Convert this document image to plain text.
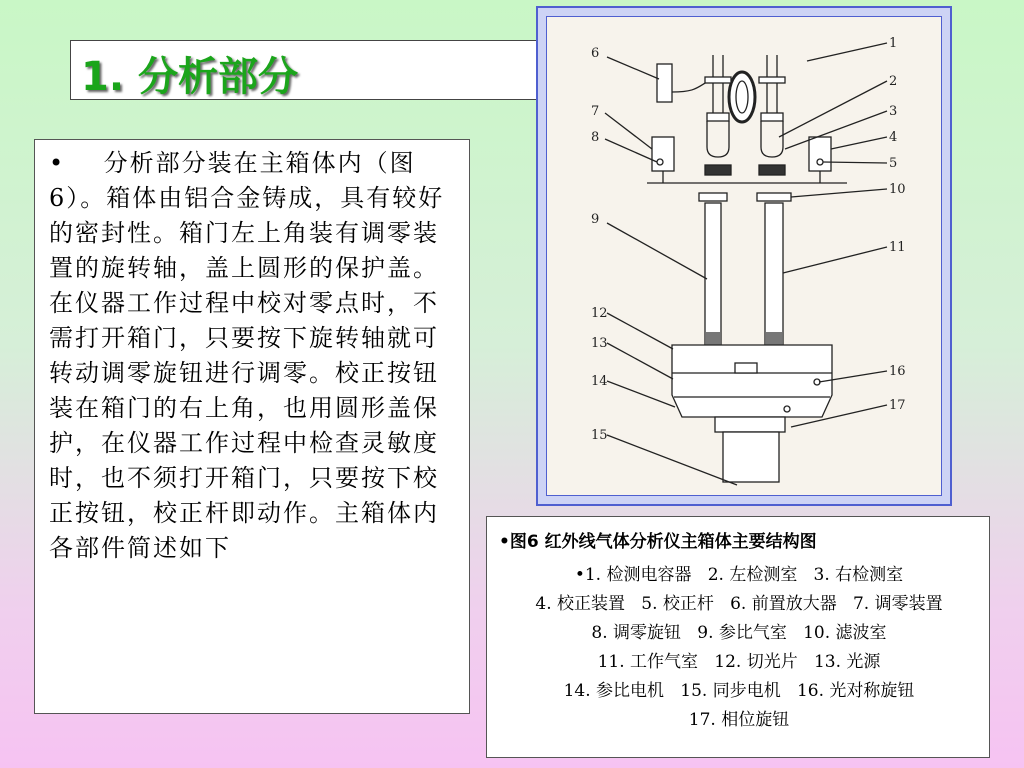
1. 分析部分
•    分析部分装在主箱体内（图6）。箱体由铝合金铸成，具有较好的密封性。箱门左上角装有调零装置的旋转轴，盖上圆形的保护盖。在仪器工作过程中校对零点时，不需打开箱门，只要按下旋转轴就可转动调零旋钮进行调零。校正按钮装在箱门的右上角，也用圆形盖保护，在仪器工作过程中检查灵敏度时，也不须打开箱门，只要按下校正按钮，校正杆即动作。主箱体内各部件简述如下
1
2
3
4
5
6
7
8
9
10
11
12
13
14
15
16
17
•图6 红外线气体分析仪主箱体主要结构图
•1. 检测电容器 2. 左检测室 3. 右检测室
4. 校正装置 5. 校正杆 6. 前置放大器 7. 调零装置
8. 调零旋钮 9. 参比气室 10. 滤波室
11. 工作气室 12. 切光片 13. 光源
14. 参比电机 15. 同步电机 16. 光对称旋钮
17. 相位旋钮
